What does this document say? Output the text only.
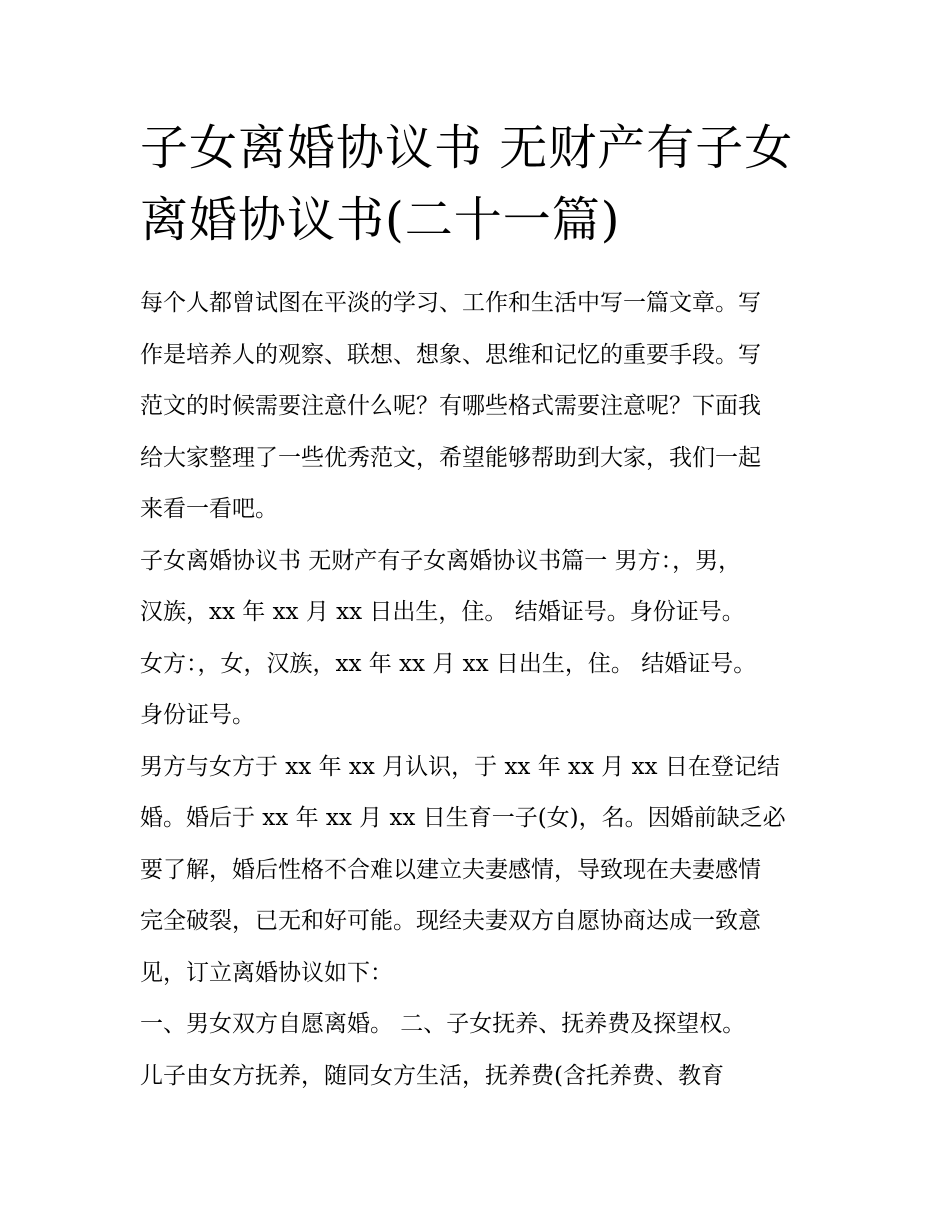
子女离婚协议书 无财产有子女
离婚协议书(二十一篇)
每个人都曾试图在平淡的学习、工作和生活中写一篇文章。写
作是培养人的观察、联想、想象、思维和记忆的重要手段。写
范文的时候需要注意什么呢？有哪些格式需要注意呢？下面我
给大家整理了一些优秀范文，希望能够帮助到大家，我们一起
来看一看吧。
子女离婚协议书 无财产有子女离婚协议书篇一 男方：，男，
汉族，xx 年 xx 月 xx 日出生，住。 结婚证号。身份证号。
女方：，女，汉族，xx 年 xx 月 xx 日出生，住。 结婚证号。
身份证号。
男方与女方于 xx 年 xx 月认识，于 xx 年 xx 月 xx 日在登记结
婚。婚后于 xx 年 xx 月 xx 日生育一子(女)，名。因婚前缺乏必
要了解，婚后性格不合难以建立夫妻感情，导致现在夫妻感情
完全破裂，已无和好可能。现经夫妻双方自愿协商达成一致意
见，订立离婚协议如下：
一、男女双方自愿离婚。 二、子女抚养、抚养费及探望权。
儿子由女方抚养，随同女方生活，抚养费(含托养费、教育
